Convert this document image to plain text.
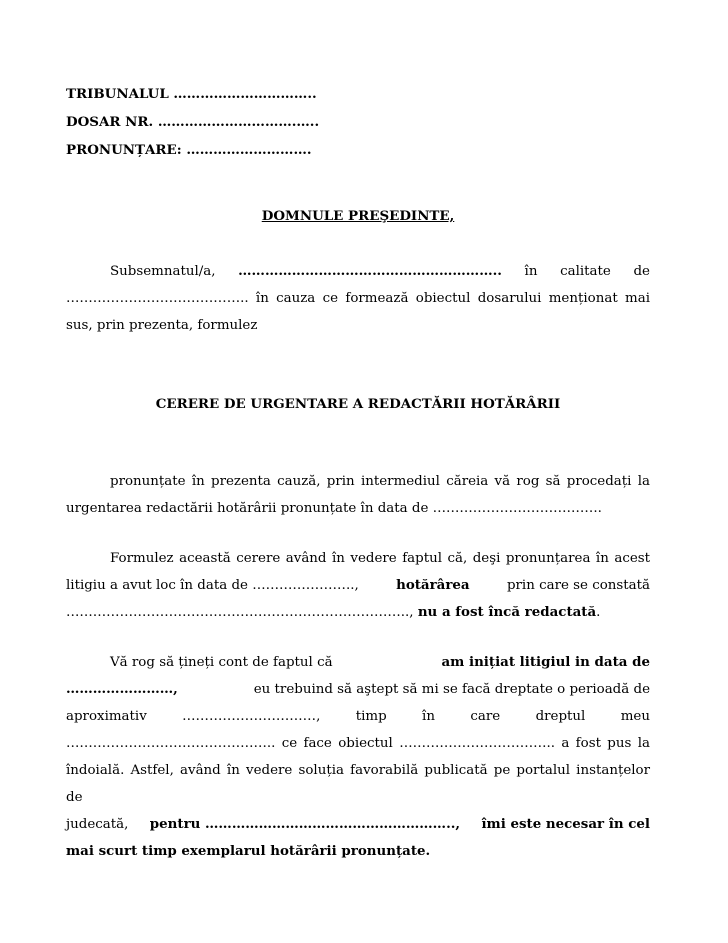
TRIBUNALUL …………………………..
DOSAR NR. ………………………….…..
PRONUNȚARE: ……………………….
DOMNULE PREŞEDINTE,
Subsemnatul/a, ………………………………………………….. în calitate de
………………………………….. în cauza ce formează obiectul dosarului menționat mai
sus, prin prezenta, formulez
CERERE DE URGENTARE A REDACTĂRII HOTĂRÂRII
pronunțate în prezenta cauză, prin intermediul căreia vă rog să procedați la
urgentarea redactării hotărârii pronunțate în data de ………………………………..
Formulez această cerere având în vedere faptul că, deşi pronunțarea în acest
litigiu a avut loc în data de …………………..,	hotărârea	prin care se constată
………………………………………………………………….., nu a fost încă redactată.
Vă rog să țineți cont de faptul că	am inițiat litigiul in data de
……………………,	eu trebuind să aştept să mi se facă dreptate o perioadă de
aproximativ	…………………………,	timp	în	care	dreptul	meu
……………………………………….. ce face obiectul …………………………….. a fost pus la
îndoială. Astfel, având în vedere soluția favorabilă publicată pe portalul instanțelor de
judecată, pentru ……………………………………………….., îmi este necesar în cel
mai scurt timp exemplarul hotărârii pronunțate.
